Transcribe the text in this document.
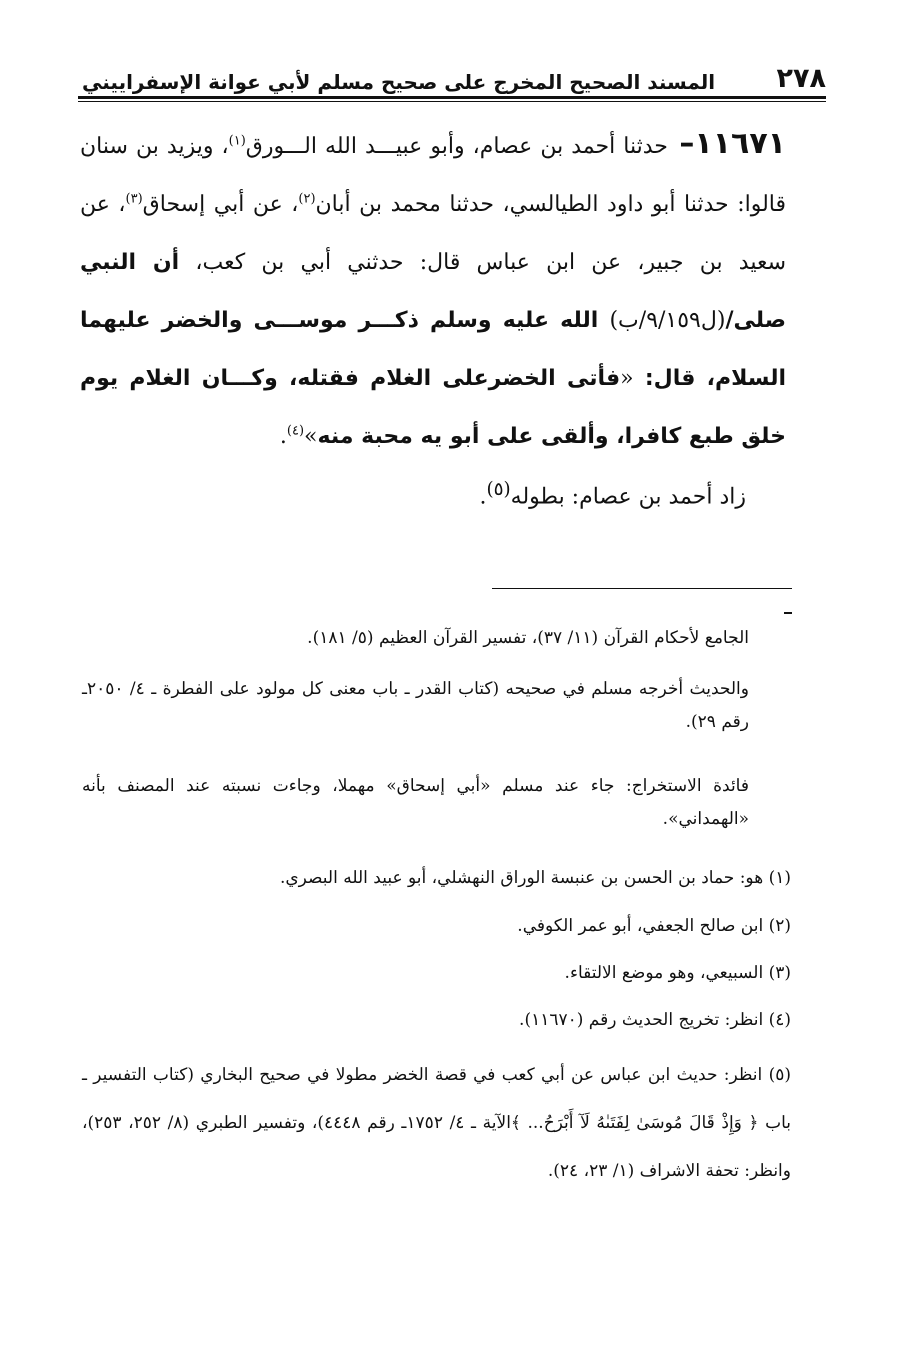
٢٧٨
المسند الصحيح المخرج على صحيح مسلم لأبي عوانة الإسفراييني
١١٦٧١– حدثنا أحمد بن عصام، وأبو عبيـــد الله الـــورق$^{(١)}$، ويزيد بن سنان قالوا: حدثنا أبو داود الطيالسي، حدثنا محمد بن أبان$^{(٢)}$، عن أبي إسحاق$^{(٣)}$، عن سعيد بن جبير، عن ابن عباس قال: حدثني أبي بن كعب، أن النبي صلى/(ل٩/١٥٩/ب) الله عليه وسلم ذكـــر موســـى والخضر عليهما السلام، قال: «فأتى الخضرعلى الغلام فقتله، وكـــان الغلام يوم خلق طبع كافرا، وألقى على أبو يه محبة منه»$^{(٤)}$.
زاد أحمد بن عصام: بطوله$^{(٥)}$.
الجامع لأحكام القرآن (١١/ ٣٧)، تفسير القرآن العظيم (٥/ ١٨١).
والحديث أخرجه مسلم في صحيحه (كتاب القدر ـ باب معنى كل مولود على الفطرة ـ ٤/ ٢٠٥٠ـ رقم ٢٩).
فائدة الاستخراج: جاء عند مسلم «أبي إسحاق» مهملا، وجاءت نسبته عند المصنف بأنه «الهمداني».
(١) هو: حماد بن الحسن بن عنبسة الوراق النهشلي، أبو عبيد الله البصري.
(٢) ابن صالح الجعفي، أبو عمر الكوفي.
(٣) السبيعي، وهو موضع الالتقاء.
(٤) انظر: تخريج الحديث رقم (١١٦٧٠).
(٥) انظر: حديث ابن عباس عن أبي كعب في قصة الخضر مطولا في صحيح البخاري (كتاب التفسير ـ باب ﴿ وَإِذْ قَالَ مُوسَىٰ لِفَتَىٰهُ لَآ أَبْرَحُ... ﴾الآية ـ ٤/ ١٧٥٢ـ رقم ٤٤٤٨)، وتفسير الطبري (٨/ ٢٥٢، ٢٥٣)، وانظر: تحفة الاشراف (١/ ٢٣، ٢٤).
